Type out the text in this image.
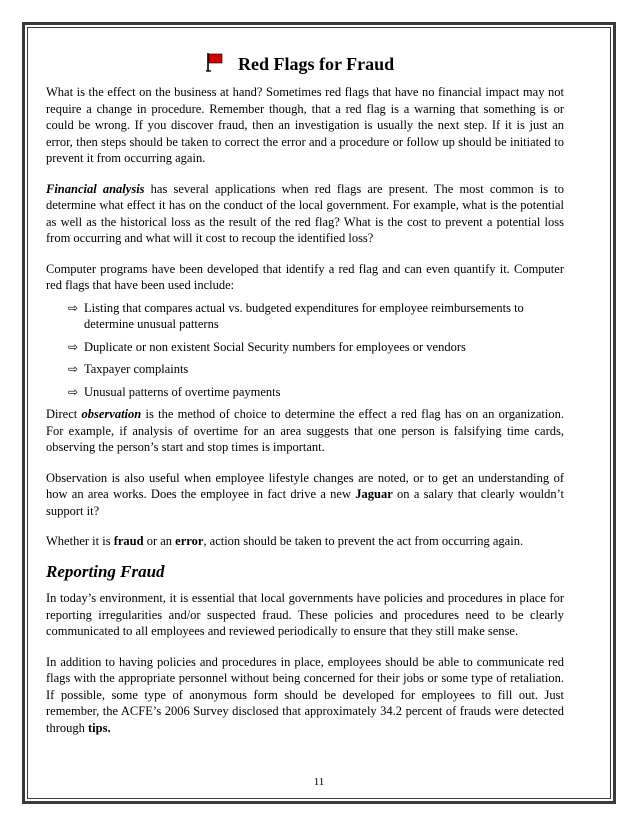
Red Flags for Fraud

What is the effect on the business at hand? Sometimes red flags that have no financial impact may not require a change in procedure. Remember though, that a red flag is a warning that something is or could be wrong. If you discover fraud, then an investigation is usually the next step. If it is just an error, then steps should be taken to correct the error and a procedure or follow up should be initiated to prevent it from occurring again.

Financial analysis has several applications when red flags are present. The most common is to determine what effect it has on the conduct of the local government. For example, what is the potential as well as the historical loss as the result of the red flag? What is the cost to prevent a potential loss from occurring and what will it cost to recoup the identified loss?

Computer programs have been developed that identify a red flag and can even quantify it. Computer red flags that have been used include:

⇨ Listing that compares actual vs. budgeted expenditures for employee reimbursements to determine unusual patterns
⇨ Duplicate or non existent Social Security numbers for employees or vendors
⇨ Taxpayer complaints
⇨ Unusual patterns of overtime payments

Direct observation is the method of choice to determine the effect a red flag has on an organization. For example, if analysis of overtime for an area suggests that one person is falsifying time cards, observing the person’s start and stop times is important.

Observation is also useful when employee lifestyle changes are noted, or to get an understanding of how an area works. Does the employee in fact drive a new Jaguar on a salary that clearly wouldn’t support it?

Whether it is fraud or an error, action should be taken to prevent the act from occurring again.

Reporting Fraud

In today’s environment, it is essential that local governments have policies and procedures in place for reporting irregularities and/or suspected fraud. These policies and procedures need to be clearly communicated to all employees and reviewed periodically to ensure that they still make sense.

In addition to having policies and procedures in place, employees should be able to communicate red flags with the appropriate personnel without being concerned for their jobs or some type of retaliation. If possible, some type of anonymous form should be developed for employees to fill out. Just remember, the ACFE’s 2006 Survey disclosed that approximately 34.2 percent of frauds were detected through tips.

11
